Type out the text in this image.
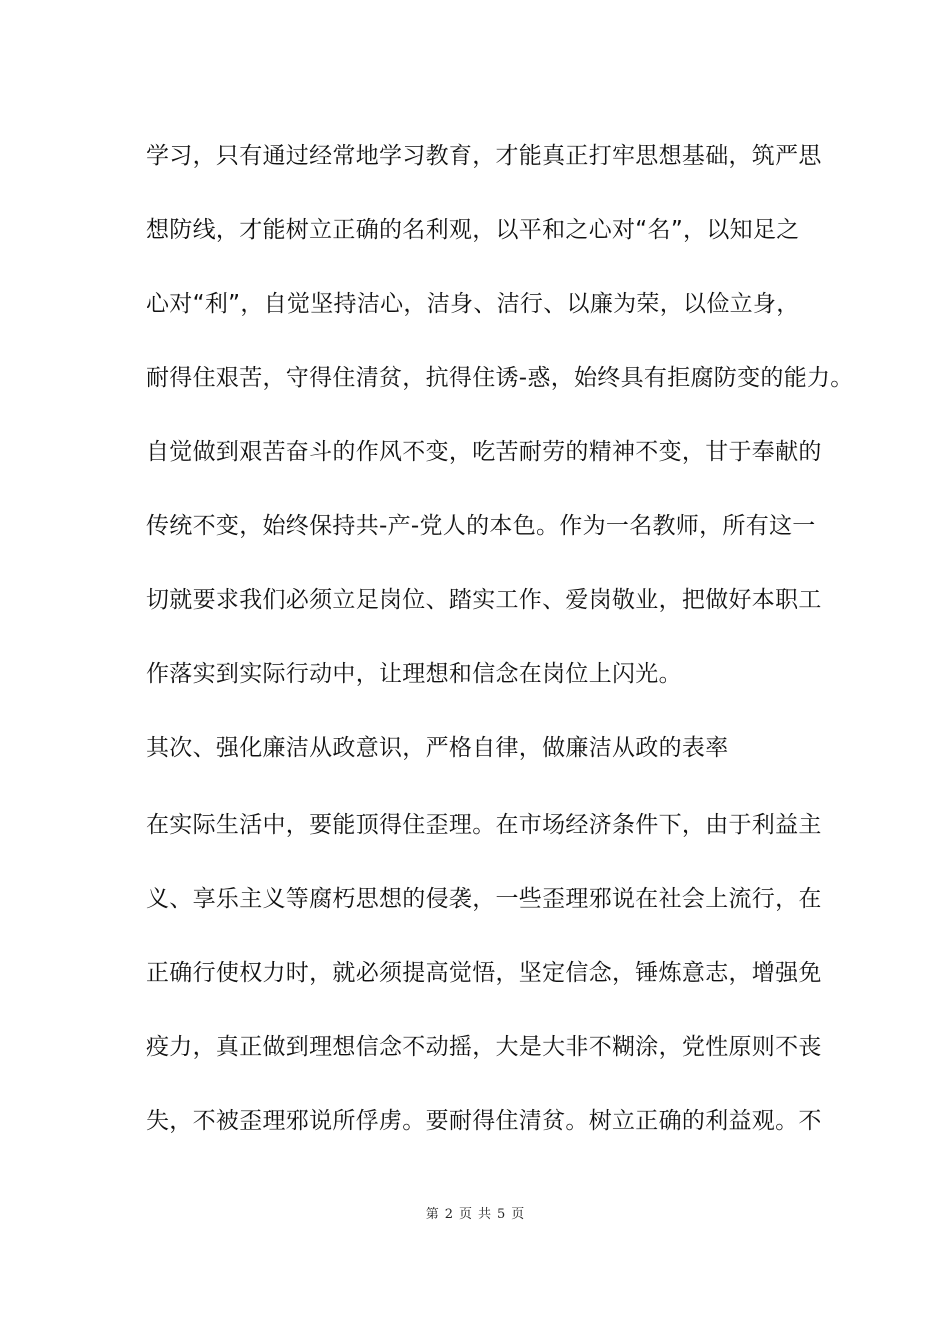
学习，只有通过经常地学习教育，才能真正打牢思想基础，筑严思
想防线，才能树立正确的名利观，以平和之心对“名”，以知足之
心对“利”，自觉坚持洁心，洁身、洁行、以廉为荣，以俭立身，
耐得住艰苦，守得住清贫，抗得住诱-惑，始终具有拒腐防变的能力。
自觉做到艰苦奋斗的作风不变，吃苦耐劳的精神不变，甘于奉献的
传统不变，始终保持共-产-党人的本色。作为一名教师，所有这一
切就要求我们必须立足岗位、踏实工作、爱岗敬业，把做好本职工
作落实到实际行动中，让理想和信念在岗位上闪光。
其次、强化廉洁从政意识，严格自律，做廉洁从政的表率
在实际生活中，要能顶得住歪理。在市场经济条件下，由于利益主
义、享乐主义等腐朽思想的侵袭，一些歪理邪说在社会上流行，在
正确行使权力时，就必须提高觉悟，坚定信念，锤炼意志，增强免
疫力，真正做到理想信念不动摇，大是大非不糊涂，党性原则不丧
失，不被歪理邪说所俘虏。要耐得住清贫。树立正确的利益观。不
第 2 页 共 5 页
